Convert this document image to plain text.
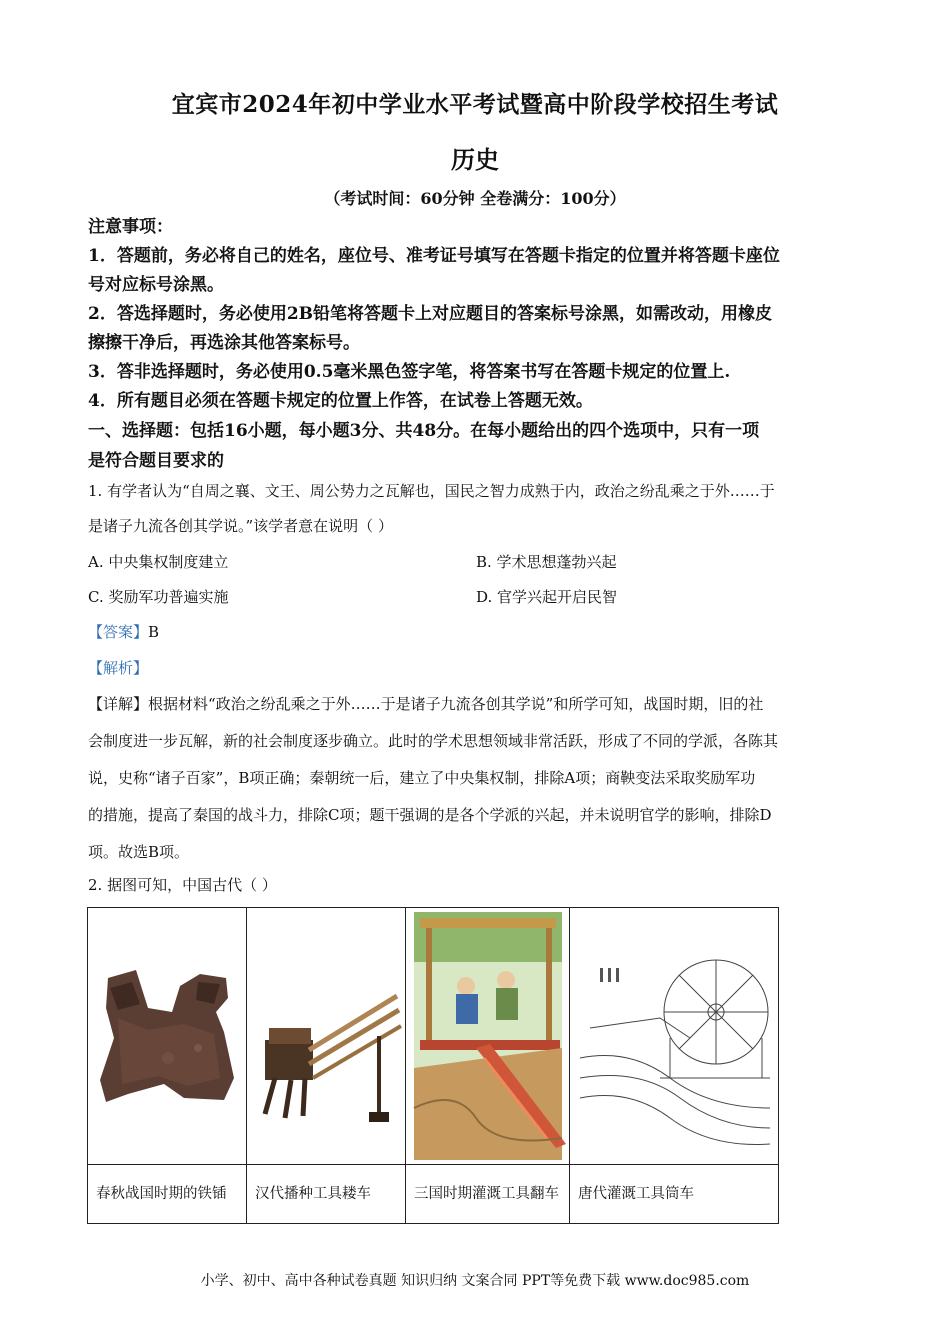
宜宾市2024年初中学业水平考试暨高中阶段学校招生考试
历史
（考试时间：60分钟 全卷满分：100分）
注意事项：
1．答题前，务必将自己的姓名，座位号、准考证号填写在答题卡指定的位置并将答题卡座位
号对应标号涂黑。
2．答选择题时，务必使用2B铅笔将答题卡上对应题目的答案标号涂黑，如需改动，用橡皮
擦擦干净后，再选涂其他答案标号。
3．答非选择题时，务必使用0.5毫米黑色签字笔，将答案书写在答题卡规定的位置上.
4．所有题目必须在答题卡规定的位置上作答，在试卷上答题无效。
一、选择题：包括16小题，每小题3分、共48分。在每小题给出的四个选项中，只有一项
是符合题目要求的
1. 有学者认为“自周之襄、文王、周公势力之瓦解也，国民之智力成熟于内，政治之纷乱乘之于外……于
是诸子九流各创其学说。”该学者意在说明（ ）
A. 中央集权制度建立	B. 学术思想蓬勃兴起
C. 奖励军功普遍实施	D. 官学兴起开启民智
【答案】B
【解析】
【详解】根据材料“政治之纷乱乘之于外……于是诸子九流各创其学说”和所学可知，战国时期，旧的社
会制度进一步瓦解，新的社会制度逐步确立。此时的学术思想领域非常活跃，形成了不同的学派，各陈其
说，史称“诸子百家”，B项正确；秦朝统一后，建立了中央集权制，排除A项；商鞅变法采取奖励军功
的措施，提高了秦国的战斗力，排除C项；题干强调的是各个学派的兴起，并未说明官学的影响，排除D
项。故选B项。
2. 据图可知，中国古代（ ）

春秋战国时期的铁锸	汉代播种工具耧车	三国时期灌溉工具翻车	唐代灌溉工具筒车
小学、初中、高中各种试卷真题 知识归纳 文案合同 PPT等免费下载 www.doc985.com
